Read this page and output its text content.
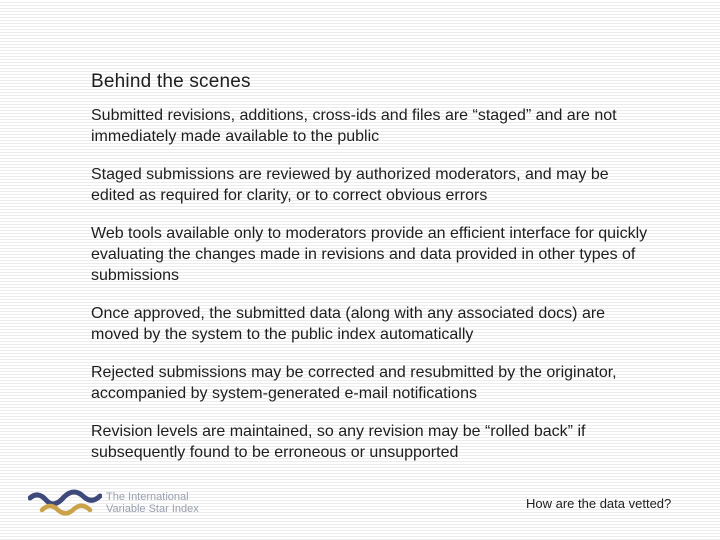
Behind the scenes
Submitted revisions, additions, cross-ids and files are “staged” and are not immediately made available to the public
Staged submissions are reviewed by authorized moderators, and may be edited as required for clarity, or to correct obvious errors
Web tools available only to moderators provide an efficient interface for quickly evaluating the changes made in revisions and data provided in other types of submissions
Once approved, the submitted data (along with any associated docs) are moved by the system to the public index automatically
Rejected submissions may be corrected and resubmitted by the originator, accompanied by system-generated e-mail notifications
Revision levels are maintained, so any revision may be “rolled back” if subsequently found to be erroneous or unsupported
The International
Variable Star Index	How are the data vetted?
